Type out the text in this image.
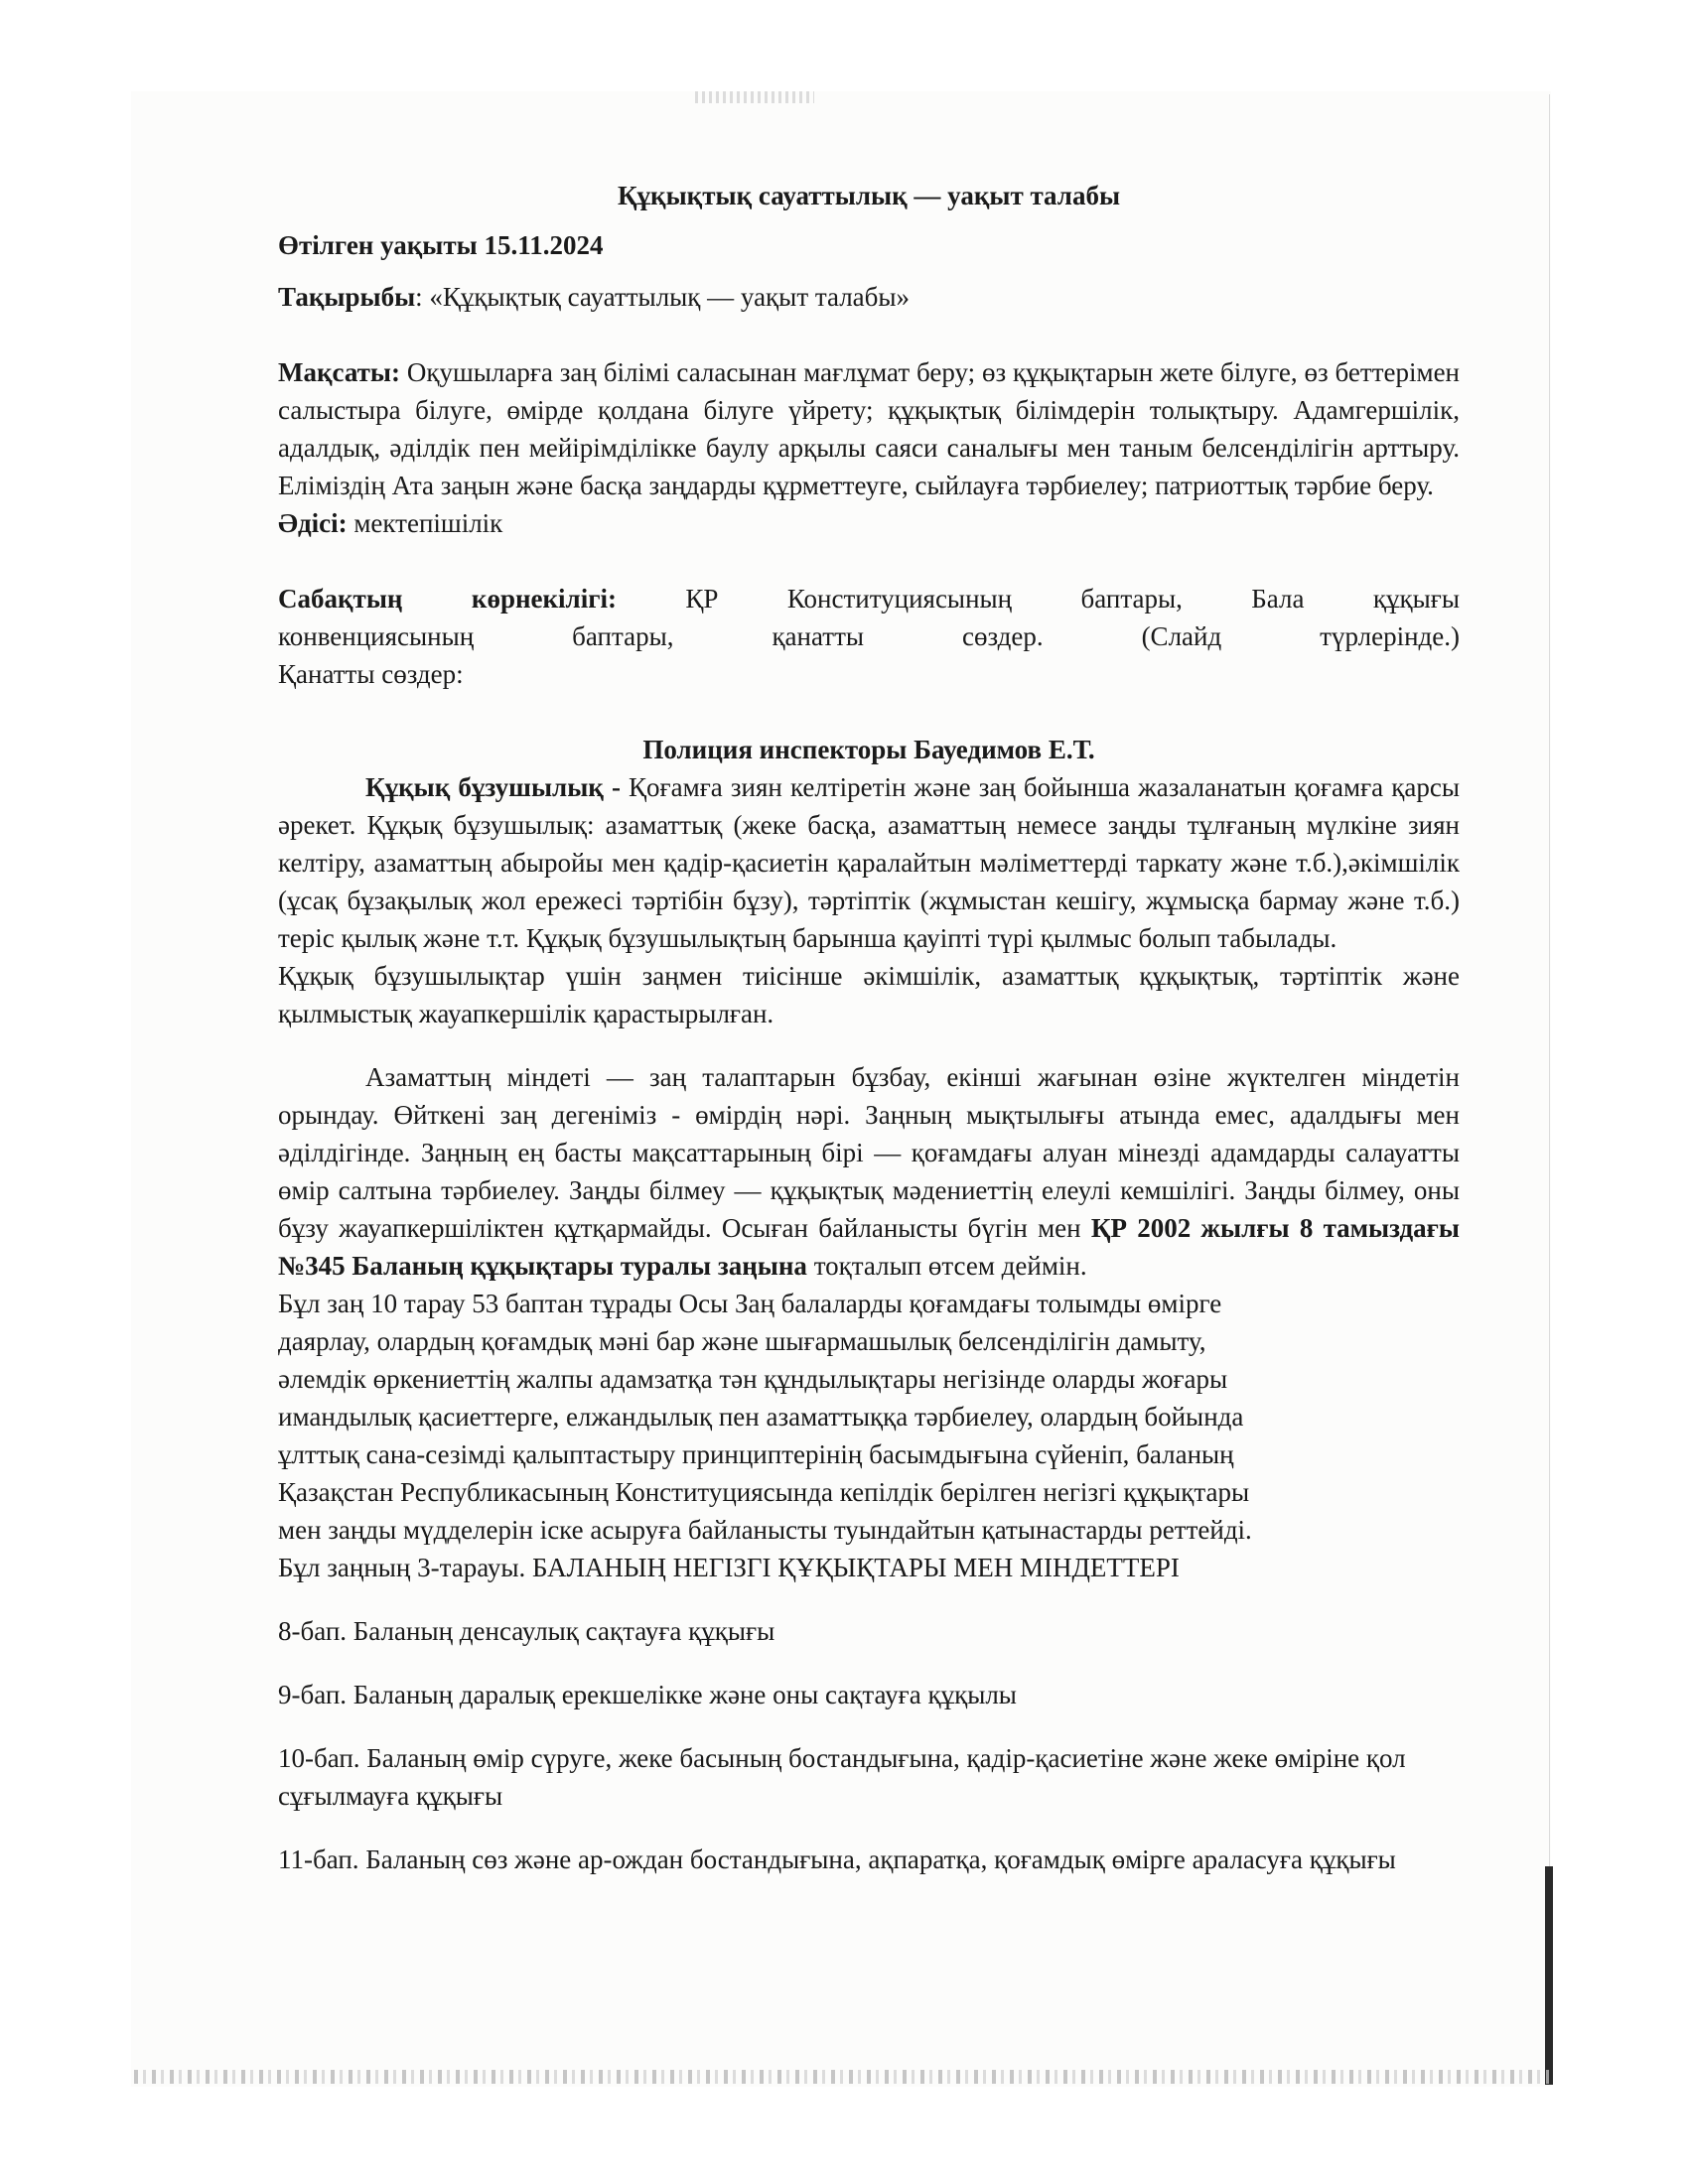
Құқықтық сауаттылық — уақыт талабы

Өтілген уақыты 15.11.2024

Тақырыбы: «Құқықтық сауаттылық — уақыт талабы»

Мақсаты: Оқушыларға заң білімі саласынан мағлұмат беру; өз құқықтарын жете білуге, өз беттерімен салыстыра білуге, өмірде қолдана білуге үйрету; құқықтық білімдерін толықтыру. Адамгершілік, адалдық, әділдік пен мейірімділікке баулу арқылы саяси саналығы мен таным белсенділігін арттыру. Еліміздің Ата заңын және басқа заңдарды құрметтеуге, сыйлауға тәрбиелеу; патриоттық тәрбие беру.

Әдісі: мектепішілік

Сабақтың	көрнекілігі:	ҚР	Конституциясының	баптары,	Бала	құқығы
конвенциясының	баптары,	қанатты	сөздер.	(Слайд	түрлерінде.)

Қанатты сөздер:

Полиция инспекторы Бауедимов Е.Т.

Құқық бұзушылық - Қоғамға зиян келтіретін және заң бойынша жазаланатын қоғамға қарсы әрекет. Құқық бұзушылық: азаматтық (жеке басқа, азаматтың немесе заңды тұлғаның мүлкіне зиян келтіру, азаматтың абыройы мен қадір-қасиетін қаралайтын мәліметтерді таркату және т.б.),әкімшілік (ұсақ бұзақылық жол ережесі тәртібін бұзу), тәртіптік (жұмыстан кешігу, жұмысқа бармау және т.б.) теріс қылық және т.т. Құқық бұзушылықтың барынша қауіпті түрі қылмыс болып табылады.

Құқық бұзушылықтар үшін заңмен тиісінше әкімшілік, азаматтық құқықтық, тәртіптік және қылмыстық жауапкершілік қарастырылған.

Азаматтың міндеті — заң талаптарын бұзбау, екінші жағынан өзіне жүктелген міндетін орындау. Өйткені заң дегеніміз - өмірдің нәрі. Заңның мықтылығы атында емес, адалдығы мен әділдігінде. Заңның ең басты мақсаттарының бірі — қоғамдағы алуан мінезді адамдарды салауатты өмір салтына тәрбиелеу. Заңды білмеу — құқықтық мәдениеттің елеулі кемшілігі. Заңды білмеу, оны бұзу жауапкершіліктен құтқармайды. Осыған байланысты бүгін мен ҚР 2002 жылғы 8 тамыздағы №345 Баланың құқықтары туралы заңына тоқталып өтсем деймін.

Бұл заң 10 тарау 53 баптан тұрады Осы Заң балаларды қоғамдағы толымды өмірге

даярлау, олардың қоғамдық мәні бар және шығармашылық белсенділігін дамыту,

әлемдік өркениеттің жалпы адамзатқа тән құндылықтары негізінде оларды жоғары

имандылық қасиеттерге, елжандылық пен азаматтыққа тәрбиелеу, олардың бойында

ұлттық сана-сезімді қалыптастыру принциптерінің басымдығына сүйеніп, баланың

Қазақстан Республикасының Конституциясында кепілдік берілген негізгі құқықтары

мен заңды мүдделерін іске асыруға байланысты туындайтын қатынастарды реттейді.

Бұл заңның 3-тарауы. БАЛАНЫҢ НЕГІЗГІ ҚҰҚЫҚТАРЫ МЕН МІНДЕТТЕРІ

8-бап. Баланың денсаулық сақтауға құқығы

9-бап. Баланың даралық ерекшелікке және оны сақтауға құқылы

10-бап. Баланың өмір сүруге, жеке басының бостандығына, қадір-қасиетіне және жеке өміріне қол сұғылмауға құқығы

11-бап. Баланың сөз және ар-ождан бостандығына, ақпаратқа, қоғамдық өмірге араласуға құқығы
